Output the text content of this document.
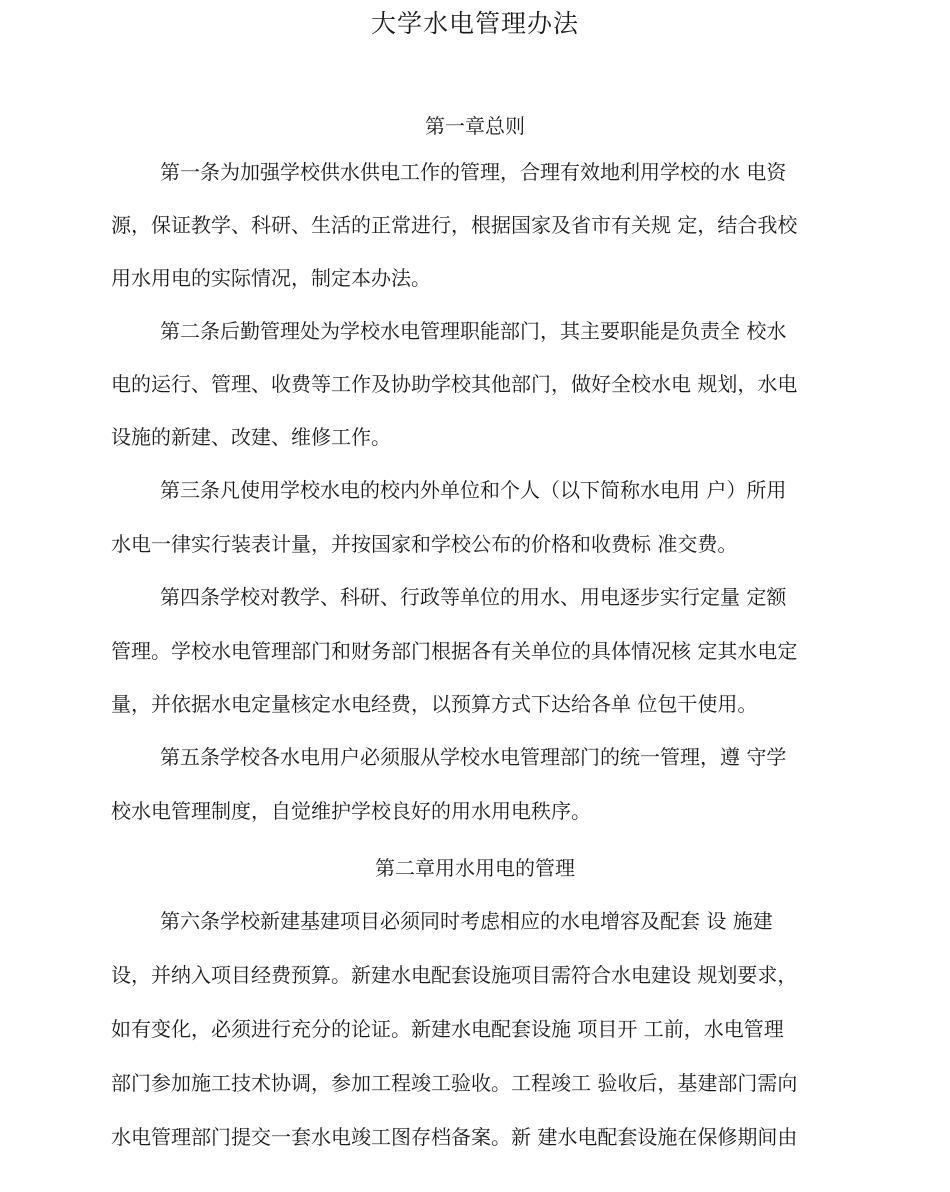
大学水电管理办法
第一章总则
第一条为加强学校供水供电工作的管理，合理有效地利用学校的水 电资
源，保证教学、科研、生活的正常进行，根据国家及省市有关规 定，结合我校
用水用电的实际情况，制定本办法。
第二条后勤管理处为学校水电管理职能部门，其主要职能是负责全 校水
电的运行、管理、收费等工作及协助学校其他部门，做好全校水电 规划，水电
设施的新建、改建、维修工作。
第三条凡使用学校水电的校内外单位和个人（以下简称水电用 户）所用
水电一律实行装表计量，并按国家和学校公布的价格和收费标 准交费。
第四条学校对教学、科研、行政等单位的用水、用电逐步实行定量 定额
管理。学校水电管理部门和财务部门根据各有关单位的具体情况核 定其水电定
量，并依据水电定量核定水电经费，以预算方式下达给各单 位包干使用。
第五条学校各水电用户必须服从学校水电管理部门的统一管理，遵 守学
校水电管理制度，自觉维护学校良好的用水用电秩序。
第二章用水用电的管理
第六条学校新建基建项目必须同时考虑相应的水电增容及配套 设 施建
设，并纳入项目经费预算。新建水电配套设施项目需符合水电建设 规划要求，
如有变化，必须进行充分的论证。新建水电配套设施 项目开 工前，水电管理
部门参加施工技术协调，参加工程竣工验收。工程竣工 验收后，基建部门需向
水电管理部门提交一套水电竣工图存档备案。新 建水电配套设施在保修期间由
